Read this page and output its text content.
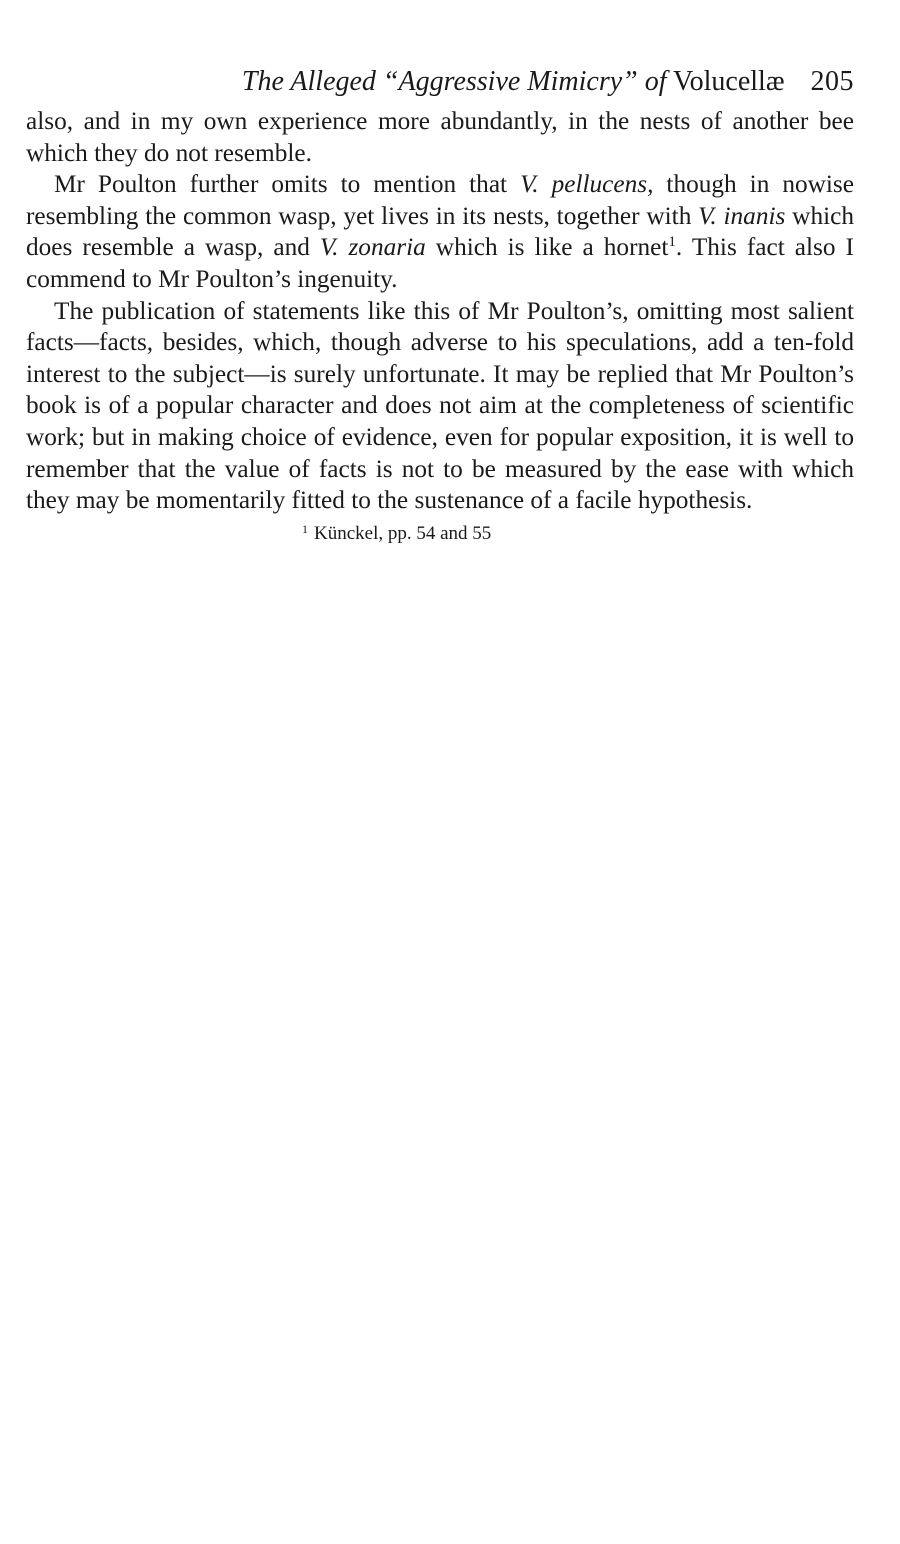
The Alleged “Aggressive Mimicry” of Volucellæ 205

also, and in my own experience more abundantly, in the nests of another bee which they do not resemble.

Mr Poulton further omits to mention that V. pellucens, though in nowise resembling the common wasp, yet lives in its nests, together with V. inanis which does resemble a wasp, and V. zonaria which is like a hornet$^1$. This fact also I commend to Mr Poulton’s ingenuity.

The publication of statements like this of Mr Poulton’s, omitting most salient facts—facts, besides, which, though adverse to his speculations, add a ten-fold interest to the subject—is surely unfortunate. It may be replied that Mr Poulton’s book is of a popular character and does not aim at the completeness of scientific work; but in making choice of evidence, even for popular exposition, it is well to remember that the value of facts is not to be measured by the ease with which they may be momentarily fitted to the sustenance of a facile hypothesis.

$^1$ Künckel, pp. 54 and 55
